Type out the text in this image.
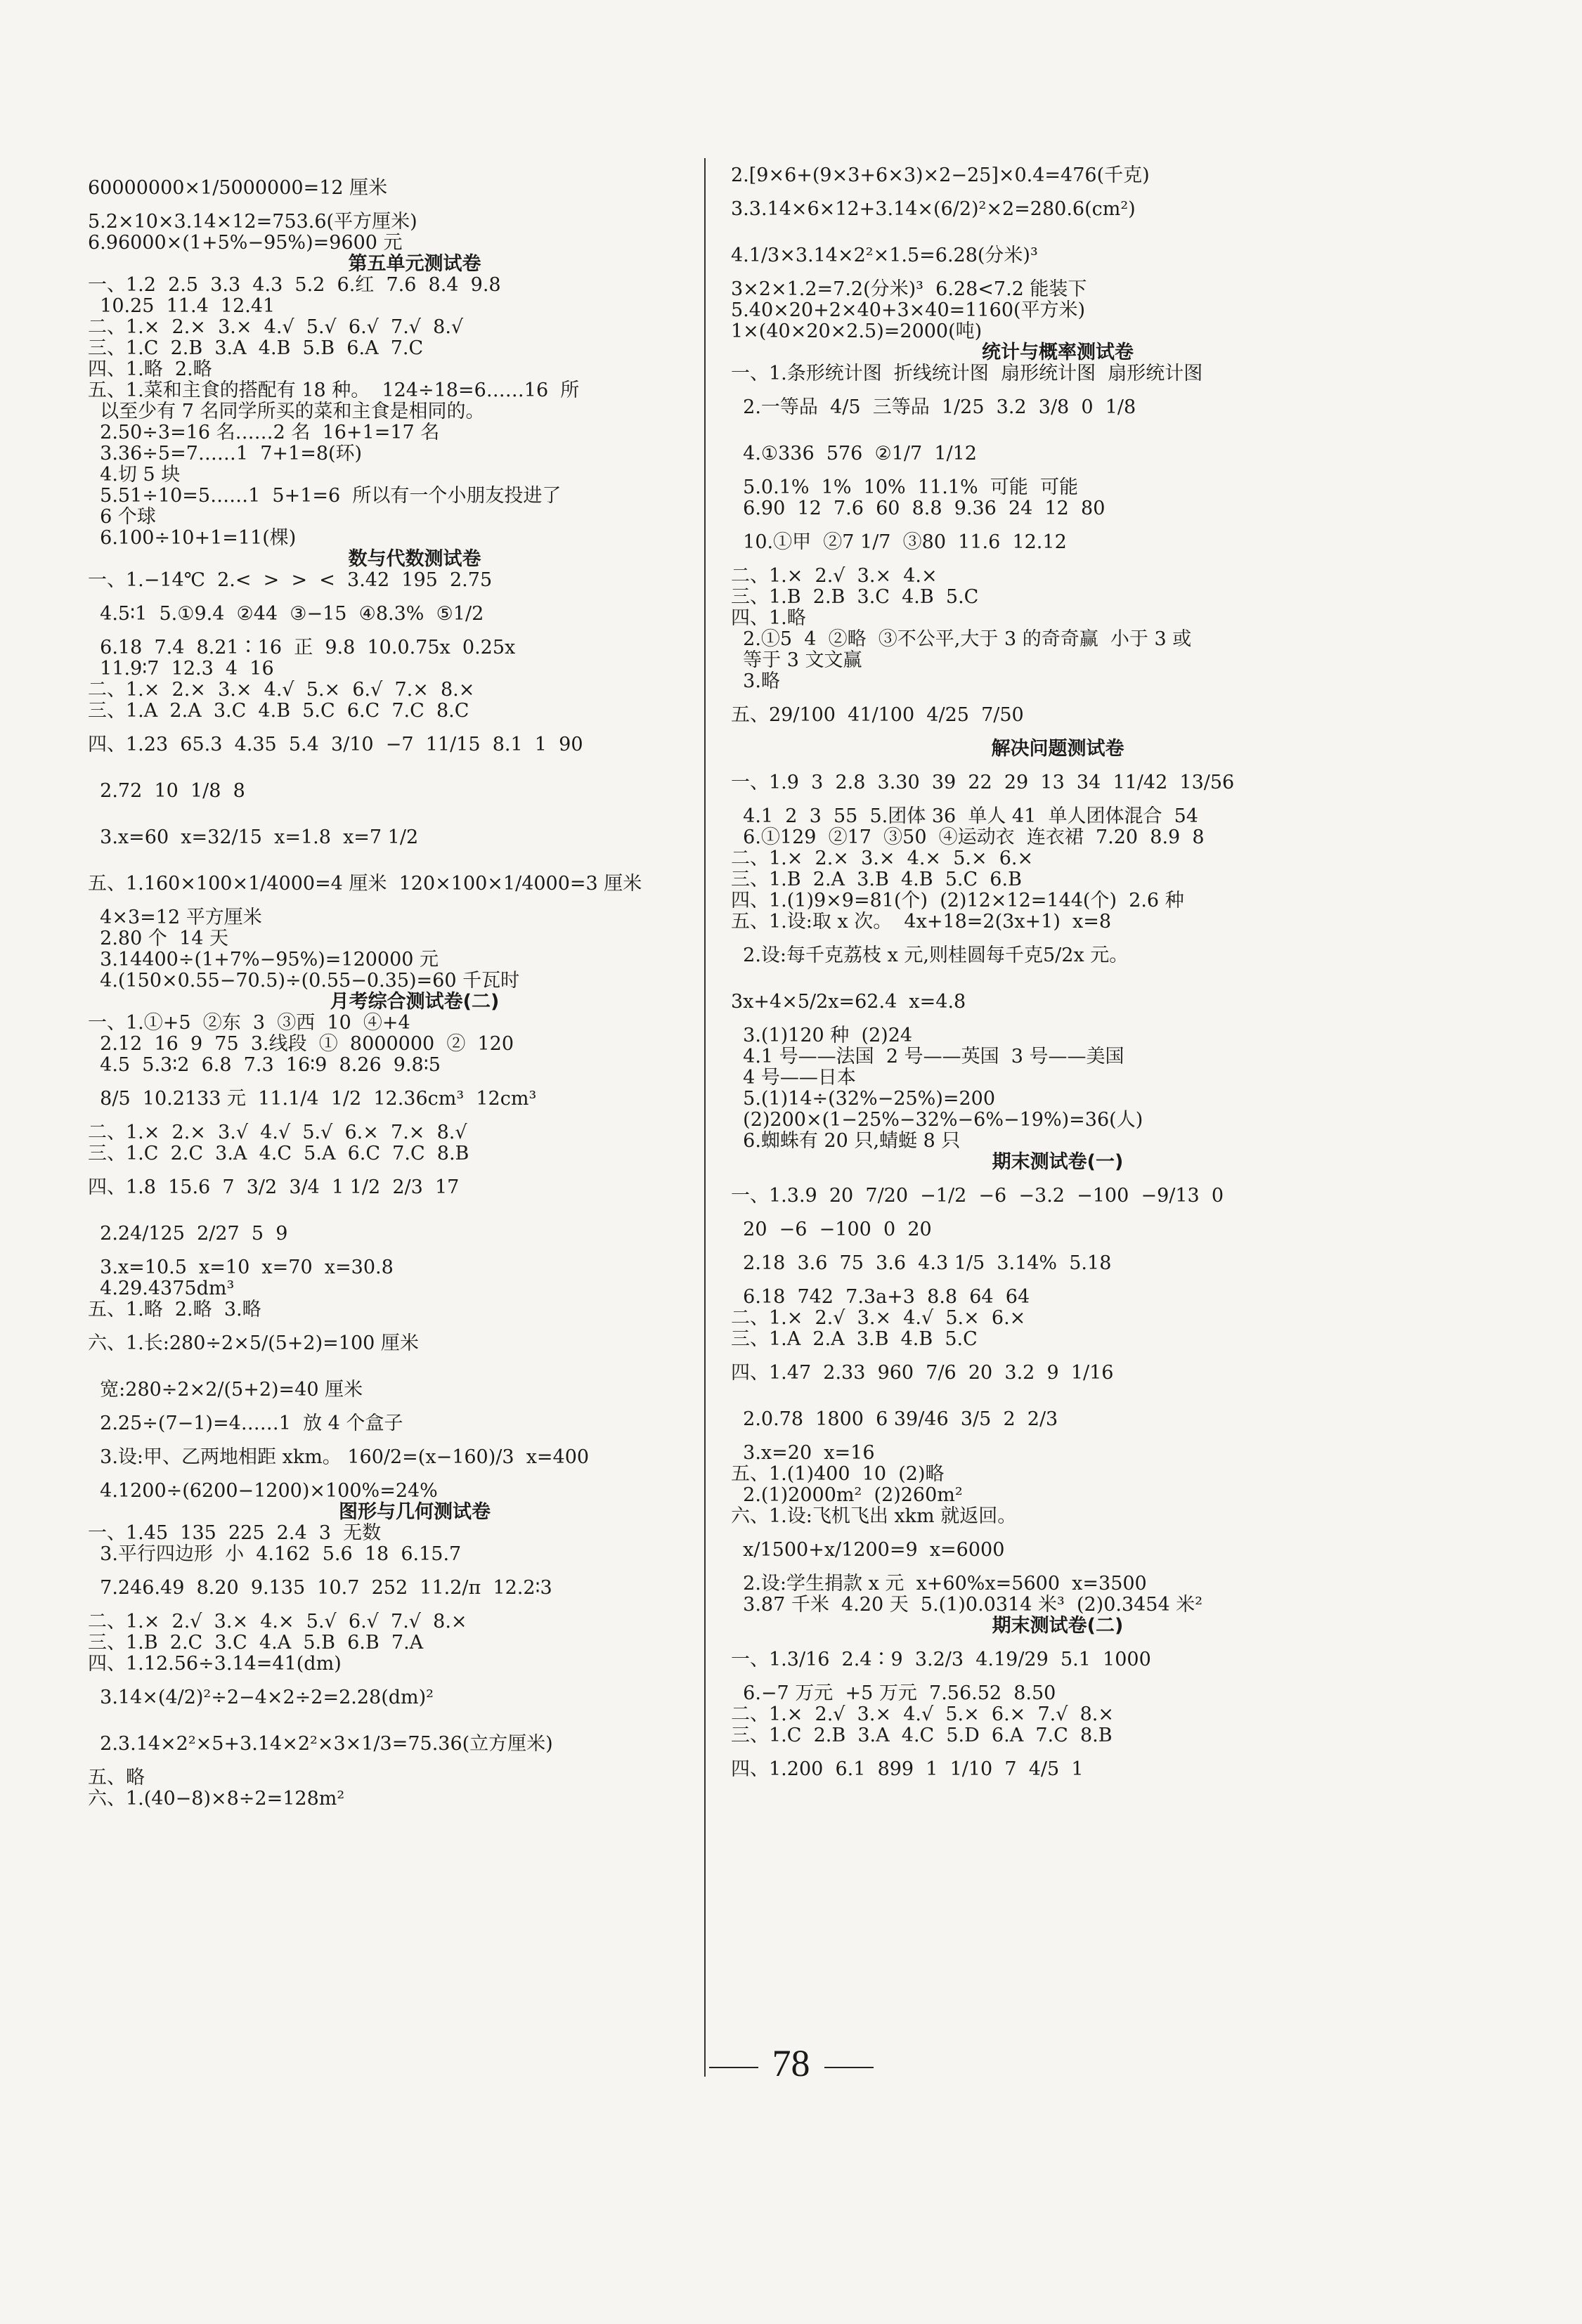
60000000×1/5000000=12 厘米
5.2×10×3.14×12=753.6(平方厘米)
6.96000×(1+5%−95%)=9600 元
第五单元测试卷
一、1.2  2.5  3.3  4.3  5.2  6.红  7.6  8.4  9.8
10.25  11.4  12.41
二、1.×  2.×  3.×  4.√  5.√  6.√  7.√  8.√
三、1.C  2.B  3.A  4.B  5.B  6.A  7.C
四、1.略  2.略
五、1.菜和主食的搭配有 18 种。  124÷18=6……16  所
以至少有 7 名同学所买的菜和主食是相同的。
2.50÷3=16 名……2 名  16+1=17 名
3.36÷5=7……1  7+1=8(环)
4.切 5 块
5.51÷10=5……1  5+1=6  所以有一个小朋友投进了
6 个球
6.100÷10+1=11(棵)
数与代数测试卷
一、1.−14℃  2.<  >  >  <  3.42  195  2.75
4.5∶1  5.①9.4  ②44  ③−15  ④8.3%  ⑤1/2
6.18  7.4  8.21∶16  正  9.8  10.0.75x  0.25x
11.9∶7  12.3  4  16
二、1.×  2.×  3.×  4.√  5.×  6.√  7.×  8.×
三、1.A  2.A  3.C  4.B  5.C  6.C  7.C  8.C
四、1.23  65.3  4.35  5.4  3/10  −7  11/15  8.1  1  90
2.72  10  1/8  8
3.x=60  x=32/15  x=1.8  x=7 1/2
五、1.160×100×1/4000=4 厘米  120×100×1/4000=3 厘米
4×3=12 平方厘米
2.80 个  14 天
3.14400÷(1+7%−95%)=120000 元
4.(150×0.55−70.5)÷(0.55−0.35)=60 千瓦时
月考综合测试卷(二)
一、1.①+5  ②东  3  ③西  10  ④+4
2.12  16  9  75  3.线段  ①  8000000  ②  120
4.5  5.3∶2  6.8  7.3  16∶9  8.26  9.8∶5
8/5  10.2133 元  11.1/4  1/2  12.36cm³  12cm³
二、1.×  2.×  3.√  4.√  5.√  6.×  7.×  8.√
三、1.C  2.C  3.A  4.C  5.A  6.C  7.C  8.B
四、1.8  15.6  7  3/2  3/4  1 1/2  2/3  17
2.24/125  2/27  5  9
3.x=10.5  x=10  x=70  x=30.8
4.29.4375dm³
五、1.略  2.略  3.略
六、1.长:280÷2×5/(5+2)=100 厘米
宽:280÷2×2/(5+2)=40 厘米
2.25÷(7−1)=4……1  放 4 个盒子
3.设:甲、乙两地相距 xkm。 160/2=(x−160)/3  x=400
4.1200÷(6200−1200)×100%=24%
图形与几何测试卷
一、1.45  135  225  2.4  3  无数
3.平行四边形  小  4.162  5.6  18  6.15.7
7.246.49  8.20  9.135  10.7  252  11.2/π  12.2∶3
二、1.×  2.√  3.×  4.×  5.√  6.√  7.√  8.×
三、1.B  2.C  3.C  4.A  5.B  6.B  7.A
四、1.12.56÷3.14=41(dm)
3.14×(4/2)²÷2−4×2÷2=2.28(dm)²
2.3.14×2²×5+3.14×2²×3×1/3=75.36(立方厘米)
五、略
六、1.(40−8)×8÷2=128m²
2.[9×6+(9×3+6×3)×2−25]×0.4=476(千克)
3.3.14×6×12+3.14×(6/2)²×2=280.6(cm²)
4.1/3×3.14×2²×1.5=6.28(分米)³
3×2×1.2=7.2(分米)³  6.28<7.2 能装下
5.40×20+2×40+3×40=1160(平方米)
1×(40×20×2.5)=2000(吨)
统计与概率测试卷
一、1.条形统计图  折线统计图  扇形统计图  扇形统计图
2.一等品  4/5  三等品  1/25  3.2  3/8  0  1/8
4.①336  576  ②1/7  1/12
5.0.1%  1%  10%  11.1%  可能  可能
6.90  12  7.6  60  8.8  9.36  24  12  80
10.①甲  ②7 1/7  ③80  11.6  12.12
二、1.×  2.√  3.×  4.×
三、1.B  2.B  3.C  4.B  5.C
四、1.略
2.①5  4  ②略  ③不公平,大于 3 的奇奇赢  小于 3 或
等于 3 文文赢
3.略
五、29/100  41/100  4/25  7/50
解决问题测试卷
一、1.9  3  2.8  3.30  39  22  29  13  34  11/42  13/56
4.1  2  3  55  5.团体 36  单人 41  单人团体混合  54
6.①129  ②17  ③50  ④运动衣  连衣裙  7.20  8.9  8
二、1.×  2.×  3.×  4.×  5.×  6.×
三、1.B  2.A  3.B  4.B  5.C  6.B
四、1.(1)9×9=81(个)  (2)12×12=144(个)  2.6 种
五、1.设:取 x 次。  4x+18=2(3x+1)  x=8
2.设:每千克荔枝 x 元,则桂圆每千克5/2x 元。
3x+4×5/2x=62.4  x=4.8
3.(1)120 种  (2)24
4.1 号——法国  2 号——英国  3 号——美国
4 号——日本
5.(1)14÷(32%−25%)=200
(2)200×(1−25%−32%−6%−19%)=36(人)
6.蜘蛛有 20 只,蜻蜓 8 只
期末测试卷(一)
一、1.3.9  20  7/20  −1/2  −6  −3.2  −100  −9/13  0
20  −6  −100  0  20
2.18  3.6  75  3.6  4.3 1/5  3.14%  5.18
6.18  742  7.3a+3  8.8  64  64
二、1.×  2.√  3.×  4.√  5.×  6.×
三、1.A  2.A  3.B  4.B  5.C
四、1.47  2.33  960  7/6  20  3.2  9  1/16
2.0.78  1800  6 39/46  3/5  2  2/3
3.x=20  x=16
五、1.(1)400  10  (2)略
2.(1)2000m²  (2)260m²
六、1.设:飞机飞出 xkm 就返回。
x/1500+x/1200=9  x=6000
2.设:学生捐款 x 元  x+60%x=5600  x=3500
3.87 千米  4.20 天  5.(1)0.0314 米³  (2)0.3454 米²
期末测试卷(二)
一、1.3/16  2.4∶9  3.2/3  4.19/29  5.1  1000
6.−7 万元  +5 万元  7.56.52  8.50
二、1.×  2.√  3.×  4.√  5.×  6.×  7.√  8.×
三、1.C  2.B  3.A  4.C  5.D  6.A  7.C  8.B
四、1.200  6.1  899  1  1/10  7  4/5  1
78
